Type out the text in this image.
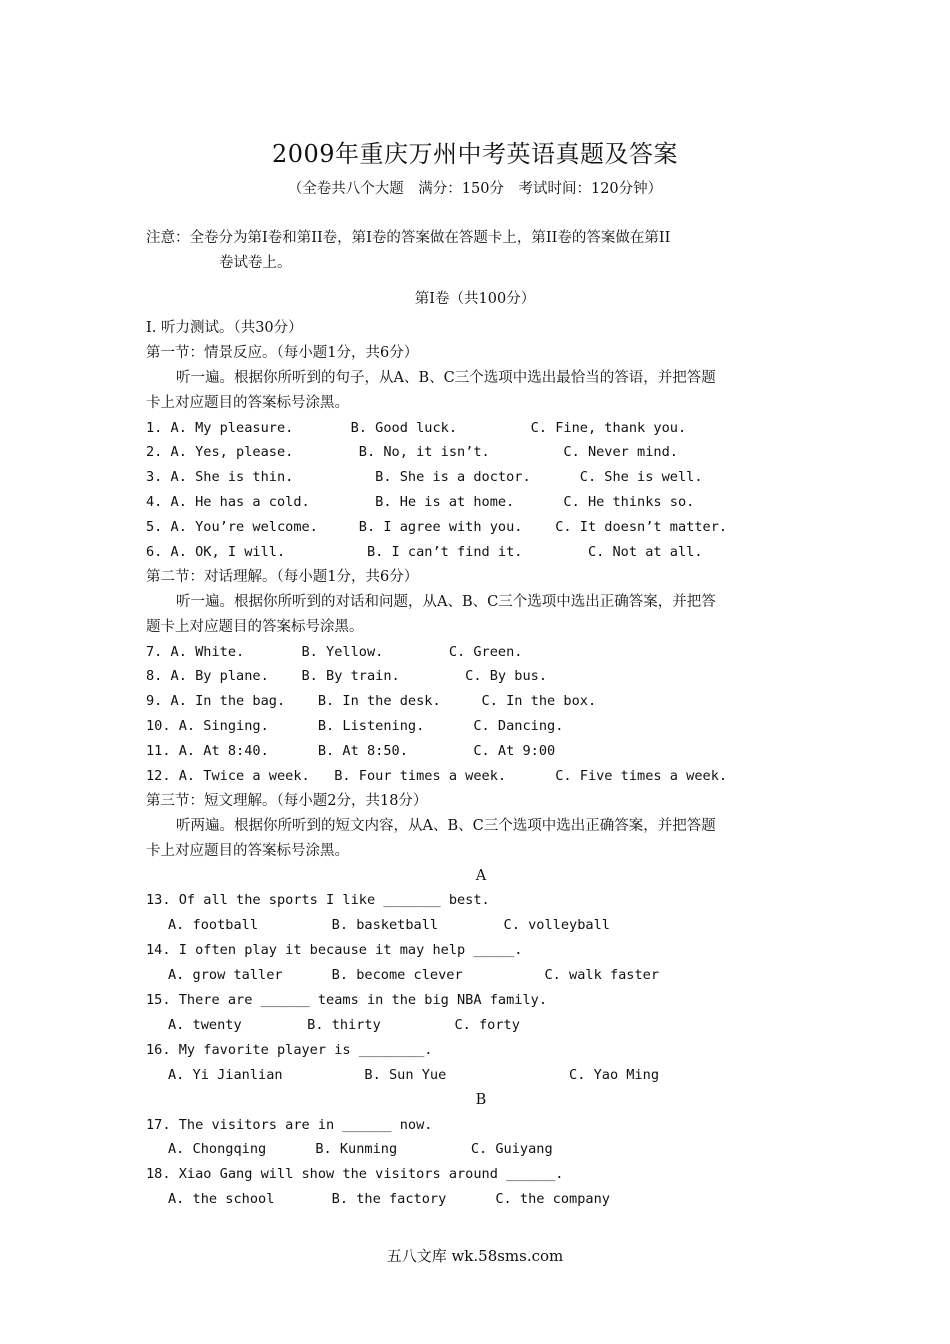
2009年重庆万州中考英语真题及答案
（全卷共八个大题　满分：150分　考试时间：120分钟）
注意：全卷分为第Ⅰ卷和第II卷，第Ⅰ卷的答案做在答题卡上，第II卷的答案做在第II
卷试卷上。
第Ⅰ卷（共100分）
I. 听力测试。（共30分）
第一节：情景反应。（每小题1分，共6分）
听一遍。根据你所听到的句子，从A、B、C三个选项中选出最恰当的答语，并把答题
卡上对应题目的答案标号涂黑。
1. A. My pleasure.       B. Good luck.         C. Fine, thank you.
2. A. Yes, please.        B. No, it isn’t.         C. Never mind.
3. A. She is thin.          B. She is a doctor.      C. She is well.
4. A. He has a cold.        B. He is at home.      C. He thinks so.
5. A. You’re welcome.     B. I agree with you.    C. It doesn’t matter.
6. A. OK, I will.          B. I can’t find it.        C. Not at all.
第二节：对话理解。（每小题1分，共6分）
听一遍。根据你所听到的对话和问题，从A、B、C三个选项中选出正确答案，并把答
题卡上对应题目的答案标号涂黑。
7. A. White.       B. Yellow.        C. Green.
8. A. By plane.    B. By train.        C. By bus.
9. A. In the bag.    B. In the desk.     C. In the box.
10. A. Singing.      B. Listening.      C. Dancing.
11. A. At 8:40.      B. At 8:50.        C. At 9:00
12. A. Twice a week.   B. Four times a week.      C. Five times a week.
第三节：短文理解。（每小题2分，共18分）
听两遍。根据你所听到的短文内容，从A、B、C三个选项中选出正确答案，并把答题
卡上对应题目的答案标号涂黑。
A
13. Of all the sports I like _______ best.
A. football         B. basketball        C. volleyball
14. I often play it because it may help _____.
A. grow taller      B. become clever          C. walk faster
15. There are ______ teams in the big NBA family.
A. twenty        B. thirty         C. forty
16. My favorite player is ________.
A. Yi Jianlian          B. Sun Yue               C. Yao Ming
B
17. The visitors are in ______ now.
A. Chongqing      B. Kunming         C. Guiyang
18. Xiao Gang will show the visitors around ______.
A. the school       B. the factory      C. the company
五八文库 wk.58sms.com
